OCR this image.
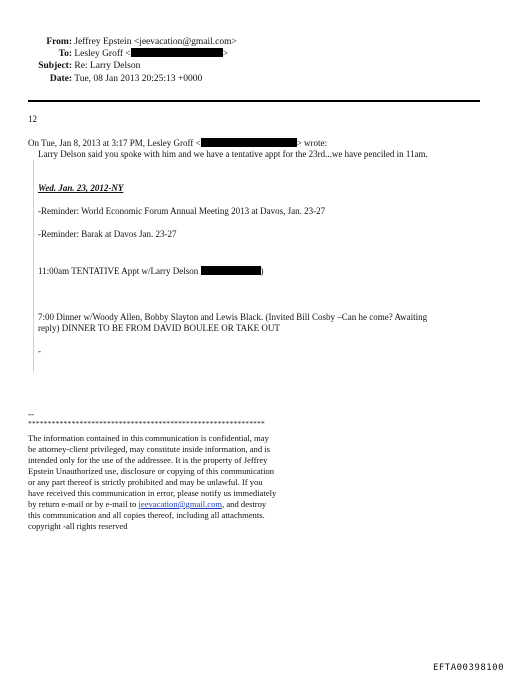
From: Jeffrey Epstein <jeevacation@gmail.com>
To: Lesley Groff <	>
Subject: Re: Larry Delson
Date: Tue, 08 Jan 2013 20:25:13 +0000
12
On Tue, Jan 8, 2013 at 3:17 PM, Lesley Groff <	> wrote:
Larry Delson said you spoke with him and we have a tentative appt for the 23rd...we have penciled in 11am.
Wed. Jan. 23, 2012-NY
-Reminder: World Economic Forum Annual Meeting 2013 at Davos, Jan. 23-27
-Reminder: Barak at Davos Jan. 23-27
11:00am TENTATIVE Appt w/Larry Delson	)
7:00 Dinner w/Woody Allen, Bobby Slayton and Lewis Black. (Invited Bill Cosby –Can he come? Awaiting
reply) DINNER TO BE FROM DAVID BOULEE OR TAKE OUT
-
--
************************************************************
The information contained in this communication is confidential, may be attorney-client privileged, may constitute inside information, and is intended only for the use of the addressee. It is the property of Jeffrey Epstein Unauthorized use, disclosure or copying of this communication or any part thereof is strictly prohibited and may be unlawful. If you have received this communication in error, please notify us immediately by return e-mail or by e-mail to jeevacation@gmail.com, and destroy this communication and all copies thereof, including all attachments. copyright -all rights reserved
EFTA00398100
